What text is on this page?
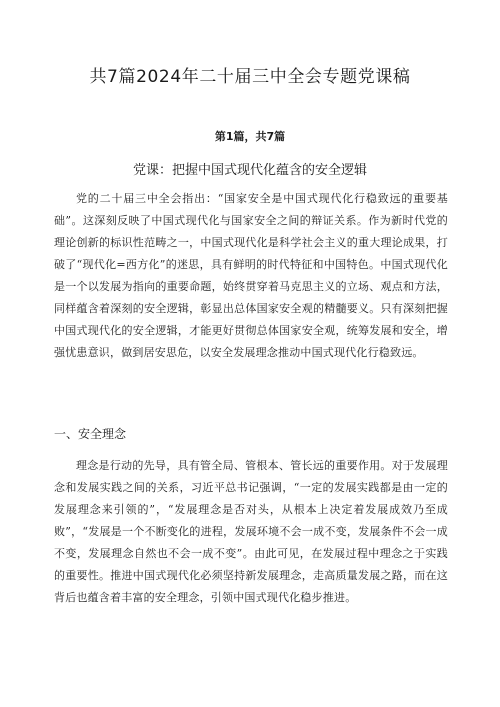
共7篇2024年二十届三中全会专题党课稿
第1篇，共7篇
党课：把握中国式现代化蕴含的安全逻辑

党的二十届三中全会指出：“国家安全是中国式现代化行稳致远的重要基础”。这深刻反映了中国式现代化与国家安全之间的辩证关系。作为新时代党的理论创新的标识性范畴之一，中国式现代化是科学社会主义的重大理论成果，打破了“现代化=西方化”的迷思，具有鲜明的时代特征和中国特色。中国式现代化是一个以发展为指向的重要命题，始终贯穿着马克思主义的立场、观点和方法，同样蕴含着深刻的安全逻辑，彰显出总体国家安全观的精髓要义。只有深刻把握中国式现代化的安全逻辑，才能更好贯彻总体国家安全观，统筹发展和安全，增强忧患意识，做到居安思危，以安全发展理念推动中国式现代化行稳致远。

一、安全理念

理念是行动的先导，具有管全局、管根本、管长远的重要作用。对于发展理念和发展实践之间的关系，习近平总书记强调，“一定的发展实践都是由一定的发展理念来引领的”，“发展理念是否对头，从根本上决定着发展成效乃至成败”，“发展是一个不断变化的进程，发展环境不会一成不变，发展条件不会一成不变，发展理念自然也不会一成不变”。由此可见，在发展过程中理念之于实践的重要性。推进中国式现代化必须坚持新发展理念，走高质量发展之路，而在这背后也蕴含着丰富的安全理念，引领中国式现代化稳步推进。
